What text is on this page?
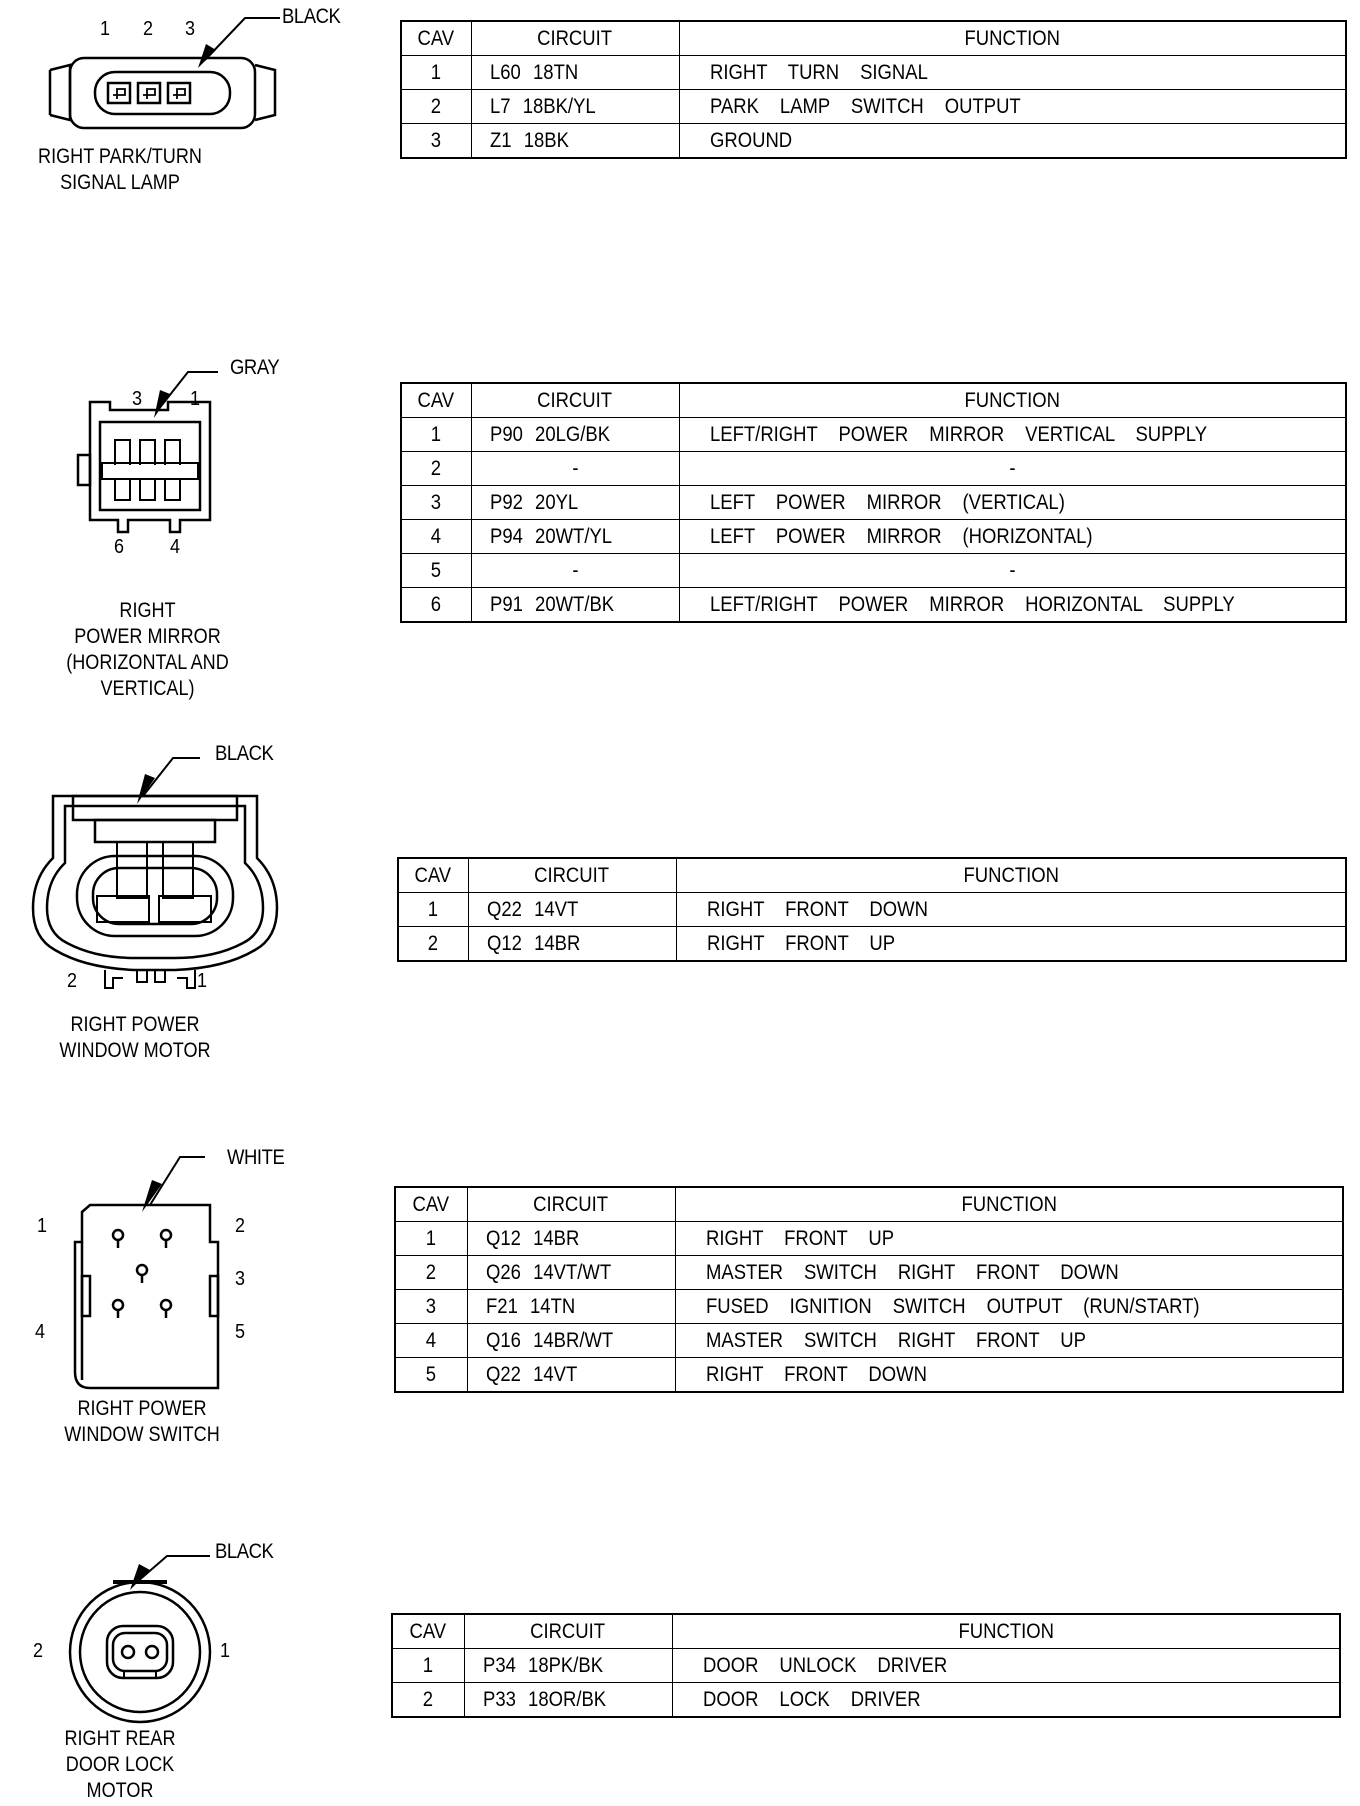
1 2 3
BLACK
RIGHT PARK/TURN
SIGNAL LAMP
CAV	CIRCUIT	FUNCTION
1	L60 18TN	RIGHT TURN SIGNAL
2	L7 18BK/YL	PARK LAMP SWITCH OUTPUT
3	Z1 18BK	GROUND
3 1
6 4
GRAY
RIGHT
POWER MIRROR
(HORIZONTAL AND VERTICAL)
CAV	CIRCUIT	FUNCTION
1	P90 20LG/BK	LEFT/RIGHT POWER MIRROR VERTICAL SUPPLY
2	-	-
3	P92 20YL	LEFT POWER MIRROR (VERTICAL)
4	P94 20WT/YL	LEFT POWER MIRROR (HORIZONTAL)
5	-	-
6	P91 20WT/BK	LEFT/RIGHT POWER MIRROR HORIZONTAL SUPPLY
2	1
BLACK
RIGHT POWER
WINDOW MOTOR
CAV	CIRCUIT	FUNCTION
1	Q22 14VT	RIGHT FRONT DOWN
2	Q12 14BR	RIGHT FRONT UP
1	2
3
4	5
WHITE
RIGHT POWER
WINDOW SWITCH
CAV	CIRCUIT	FUNCTION
1	Q12 14BR	RIGHT FRONT UP
2	Q26 14VT/WT	MASTER SWITCH RIGHT FRONT DOWN
3	F21 14TN	FUSED IGNITION SWITCH OUTPUT (RUN/START)
4	Q16 14BR/WT	MASTER SWITCH RIGHT FRONT UP
5	Q22 14VT	RIGHT FRONT DOWN
2	1
BLACK
RIGHT REAR
DOOR LOCK
MOTOR
CAV	CIRCUIT	FUNCTION
1	P34 18PK/BK	DOOR UNLOCK DRIVER
2	P33 18OR/BK	DOOR LOCK DRIVER
